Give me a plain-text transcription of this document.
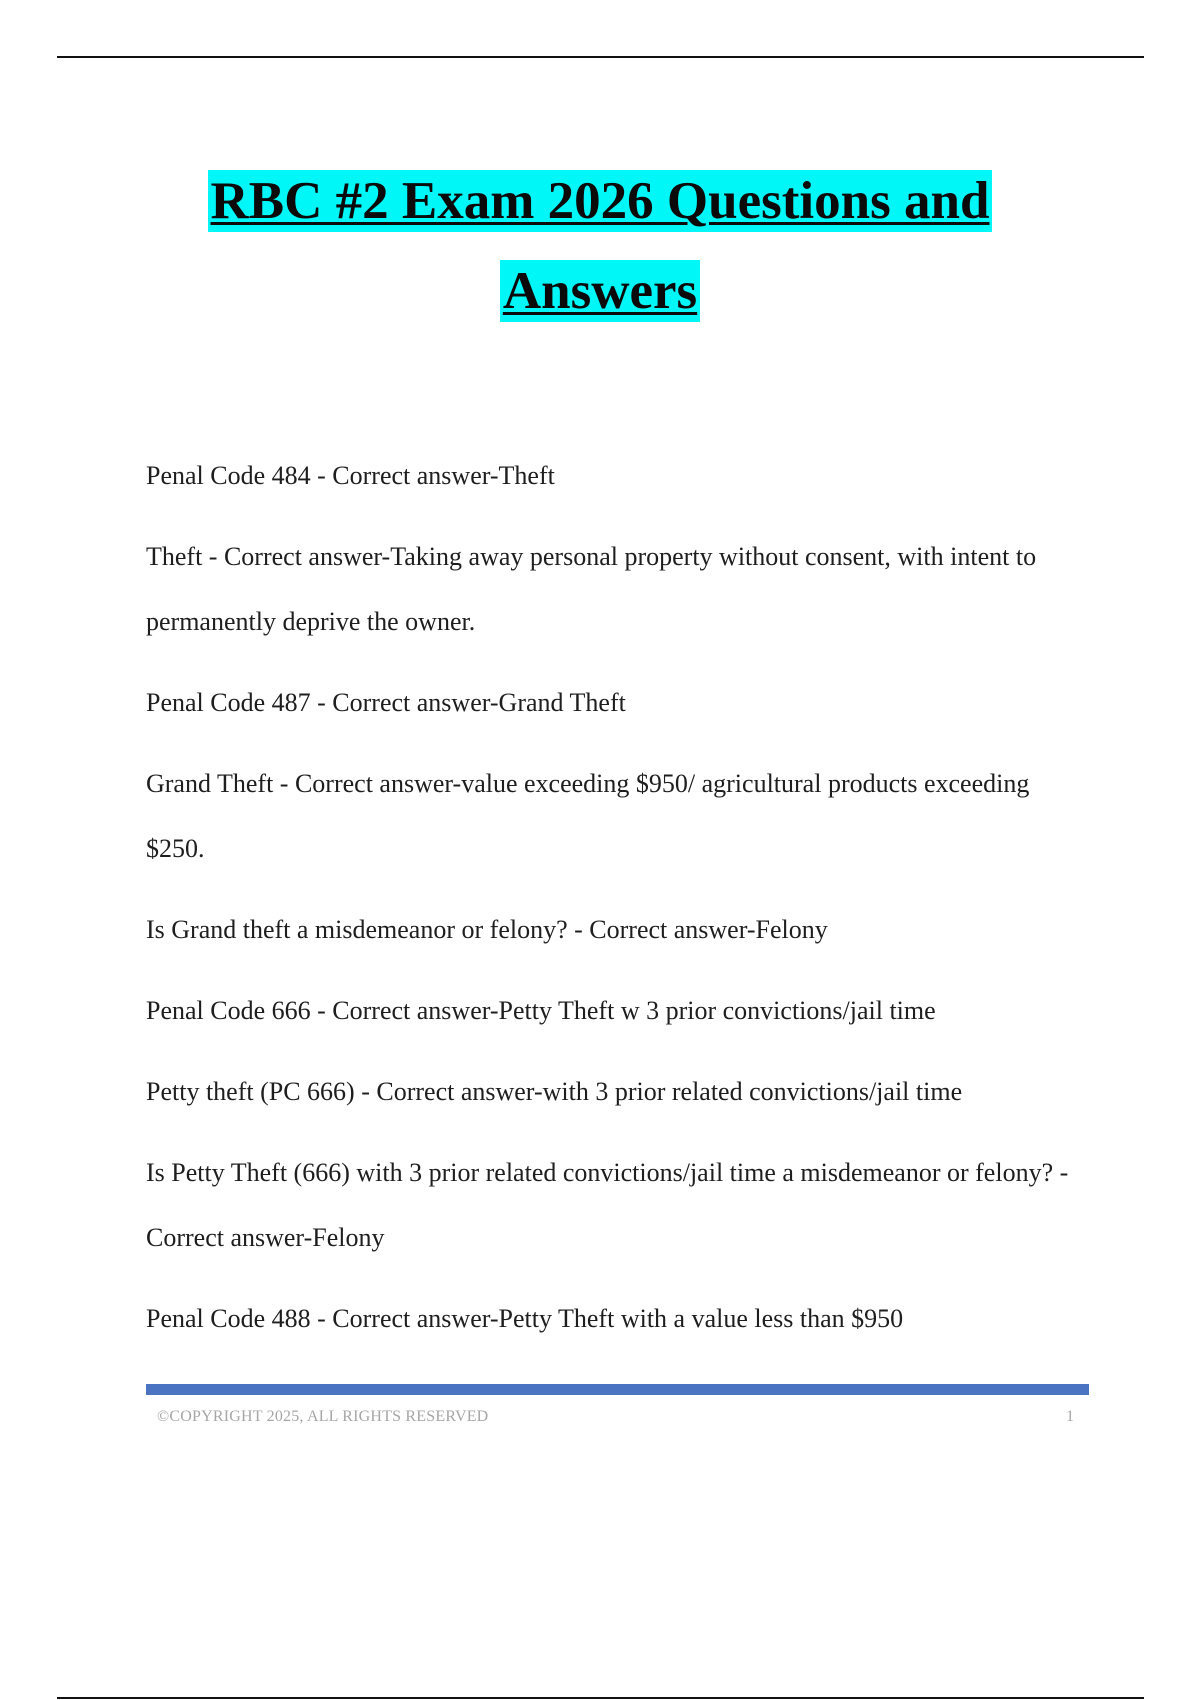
RBC #2 Exam 2026 Questions and
Answers

Penal Code 484 - Correct answer-Theft

Theft - Correct answer-Taking away personal property without consent, with intent to permanently deprive the owner.

Penal Code 487 - Correct answer-Grand Theft

Grand Theft - Correct answer-value exceeding $950/ agricultural products exceeding $250.

Is Grand theft a misdemeanor or felony? - Correct answer-Felony

Penal Code 666 - Correct answer-Petty Theft w 3 prior convictions/jail time

Petty theft (PC 666) - Correct answer-with 3 prior related convictions/jail time

Is Petty Theft (666) with 3 prior related convictions/jail time a misdemeanor or felony? - Correct answer-Felony

Penal Code 488 - Correct answer-Petty Theft with a value less than $950

©COPYRIGHT 2025, ALL RIGHTS RESERVED	1
